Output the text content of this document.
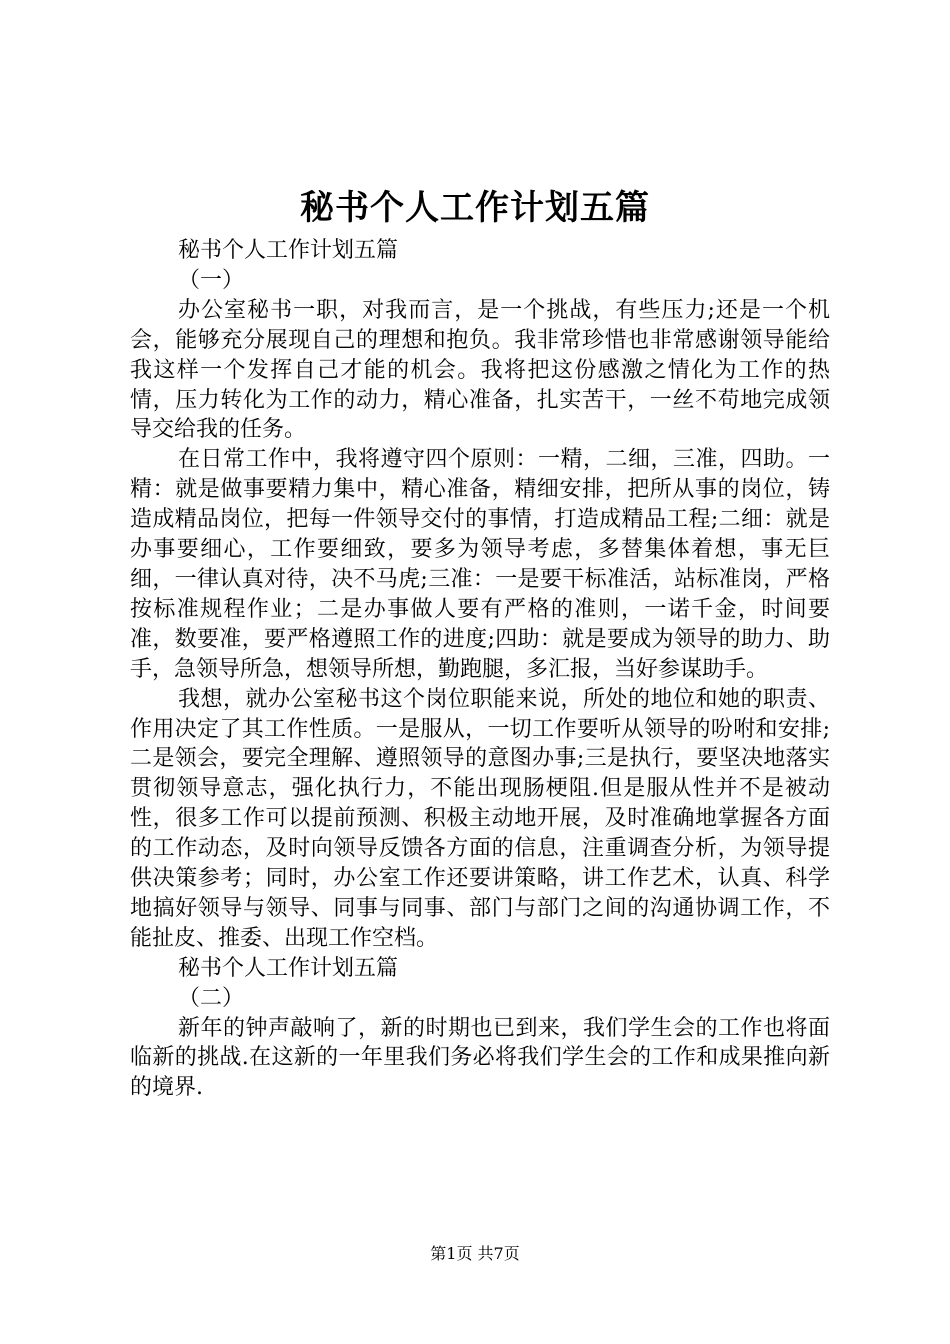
秘书个人工作计划五篇

秘书个人工作计划五篇

（一）

办公室秘书一职，对我而言，是一个挑战，有些压力;还是一个机会，能够充分展现自己的理想和抱负。我非常珍惜也非常感谢领导能给我这样一个发挥自己才能的机会。我将把这份感激之情化为工作的热情，压力转化为工作的动力，精心准备，扎实苦干，一丝不苟地完成领导交给我的任务。

在日常工作中，我将遵守四个原则：一精，二细，三准，四助。一精：就是做事要精力集中，精心准备，精细安排，把所从事的岗位，铸造成精品岗位，把每一件领导交付的事情，打造成精品工程;二细：就是办事要细心，工作要细致，要多为领导考虑，多替集体着想，事无巨细，一律认真对待，决不马虎;三准：一是要干标准活，站标准岗，严格按标准规程作业；二是办事做人要有严格的准则，一诺千金，时间要准，数要准，要严格遵照工作的进度;四助：就是要成为领导的助力、助手，急领导所急，想领导所想，勤跑腿，多汇报，当好参谋助手。

我想，就办公室秘书这个岗位职能来说，所处的地位和她的职责、作用决定了其工作性质。一是服从，一切工作要听从领导的吩咐和安排;二是领会，要完全理解、遵照领导的意图办事;三是执行，要坚决地落实贯彻领导意志，强化执行力，不能出现肠梗阻.但是服从性并不是被动性，很多工作可以提前预测、积极主动地开展，及时准确地掌握各方面的工作动态，及时向领导反馈各方面的信息，注重调查分析，为领导提供决策参考；同时，办公室工作还要讲策略，讲工作艺术，认真、科学地搞好领导与领导、同事与同事、部门与部门之间的沟通协调工作，不能扯皮、推委、出现工作空档。

秘书个人工作计划五篇

（二）

新年的钟声敲响了，新的时期也已到来，我们学生会的工作也将面临新的挑战.在这新的一年里我们务必将我们学生会的工作和成果推向新的境界.

第1页 共7页
